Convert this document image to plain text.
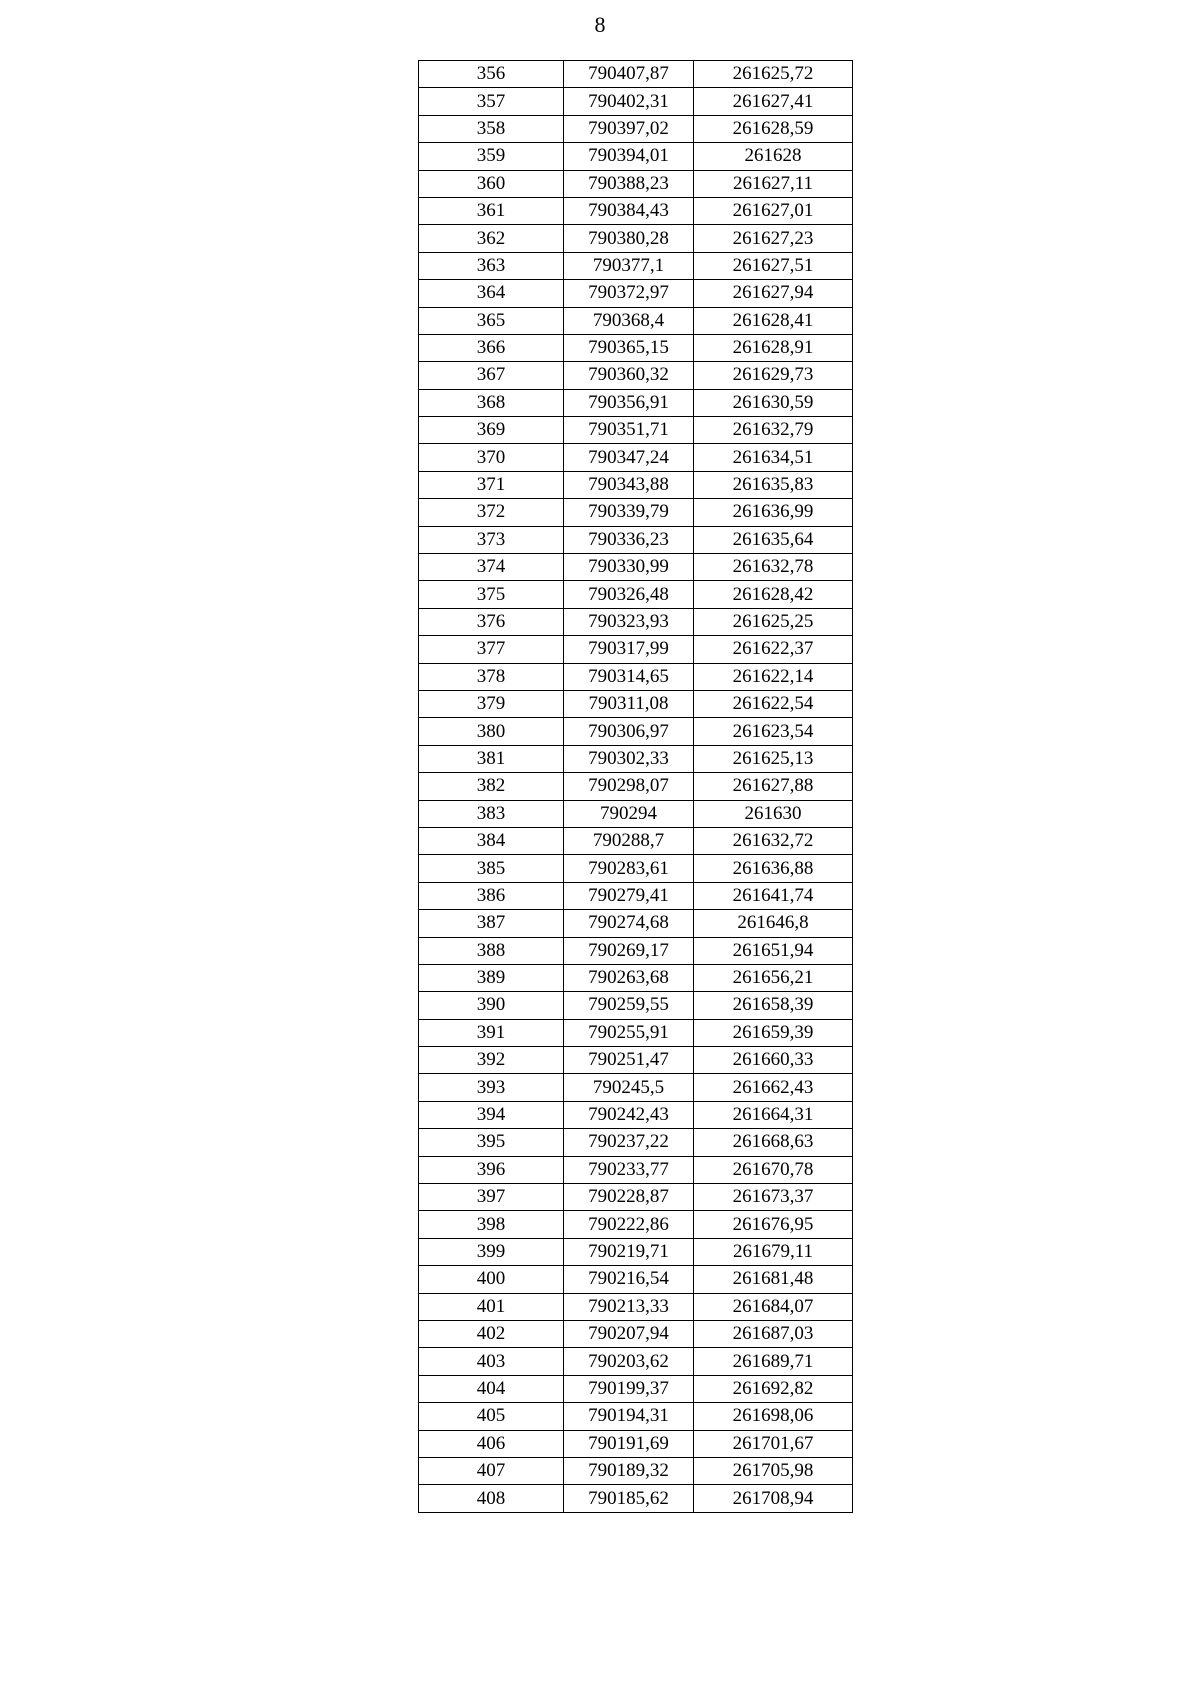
8
356	790407,87	261625,72
357	790402,31	261627,41
358	790397,02	261628,59
359	790394,01	261628
360	790388,23	261627,11
361	790384,43	261627,01
362	790380,28	261627,23
363	790377,1	261627,51
364	790372,97	261627,94
365	790368,4	261628,41
366	790365,15	261628,91
367	790360,32	261629,73
368	790356,91	261630,59
369	790351,71	261632,79
370	790347,24	261634,51
371	790343,88	261635,83
372	790339,79	261636,99
373	790336,23	261635,64
374	790330,99	261632,78
375	790326,48	261628,42
376	790323,93	261625,25
377	790317,99	261622,37
378	790314,65	261622,14
379	790311,08	261622,54
380	790306,97	261623,54
381	790302,33	261625,13
382	790298,07	261627,88
383	790294	261630
384	790288,7	261632,72
385	790283,61	261636,88
386	790279,41	261641,74
387	790274,68	261646,8
388	790269,17	261651,94
389	790263,68	261656,21
390	790259,55	261658,39
391	790255,91	261659,39
392	790251,47	261660,33
393	790245,5	261662,43
394	790242,43	261664,31
395	790237,22	261668,63
396	790233,77	261670,78
397	790228,87	261673,37
398	790222,86	261676,95
399	790219,71	261679,11
400	790216,54	261681,48
401	790213,33	261684,07
402	790207,94	261687,03
403	790203,62	261689,71
404	790199,37	261692,82
405	790194,31	261698,06
406	790191,69	261701,67
407	790189,32	261705,98
408	790185,62	261708,94
